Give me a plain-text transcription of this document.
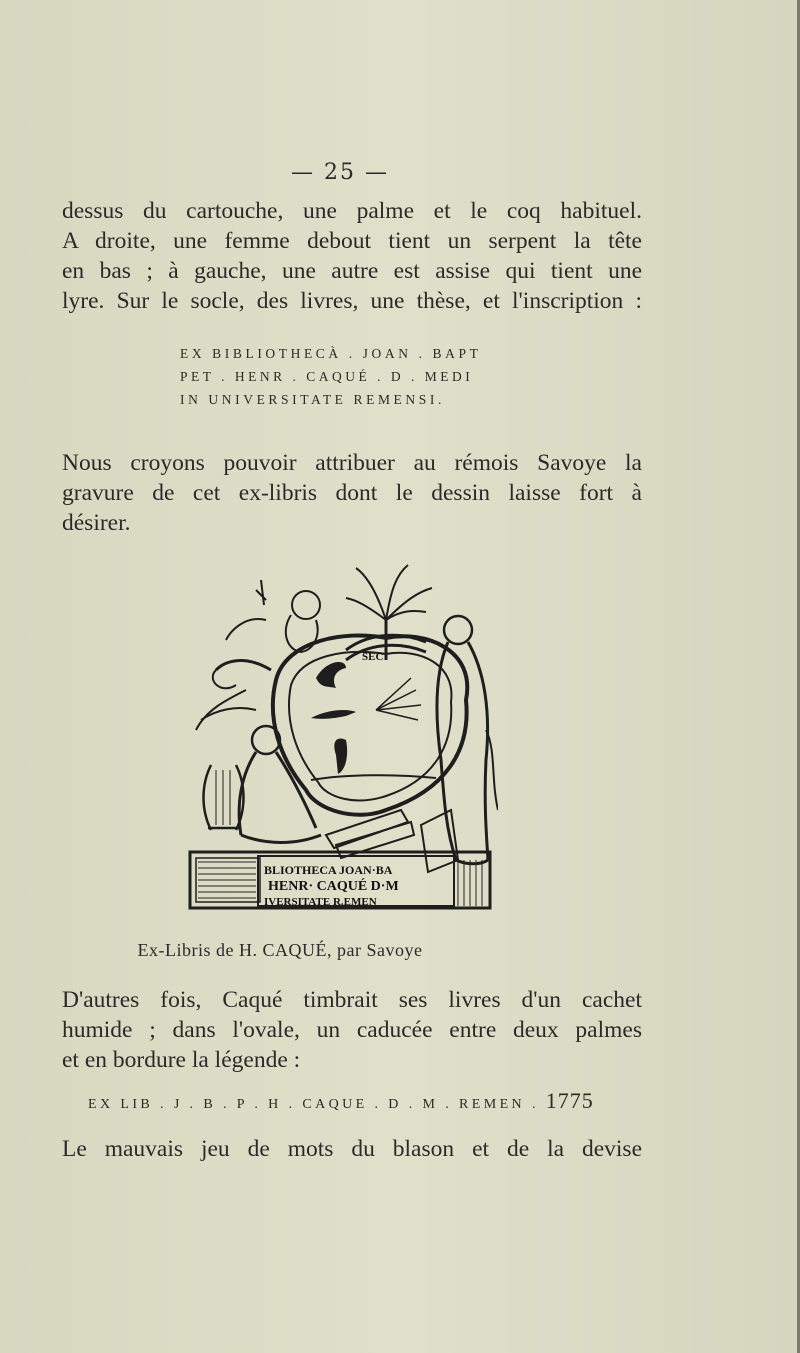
— 25 —
dessus du cartouche, une palme et le coq habituel.
A droite, une femme debout tient un serpent la tête
en bas ; à gauche, une autre est assise qui tient une
lyre. Sur le socle, des livres, une thèse, et l'inscription :
EX BIBLIOTHECÀ . JOAN . BAPT
PET . HENR . CAQUÉ . D . MEDI
IN UNIVERSITATE REMENSI.
Nous croyons pouvoir attribuer au rémois Savoye la
gravure de cet ex-libris dont le dessin laisse fort à
désirer.
BLIOTHECA JOAN·BA
HENR· CAQUÉ D·M
IVERSITATE R.EMEN
SEC
Ex-Libris de H. CAQUÉ, par Savoye
D'autres fois, Caqué timbrait ses livres d'un cachet
humide ; dans l'ovale, un caducée entre deux palmes
et en bordure la légende :
EX LIB . J . B . P . H . CAQUE . D . M . REMEN . 1775
Le mauvais jeu de mots du blason et de la devise
